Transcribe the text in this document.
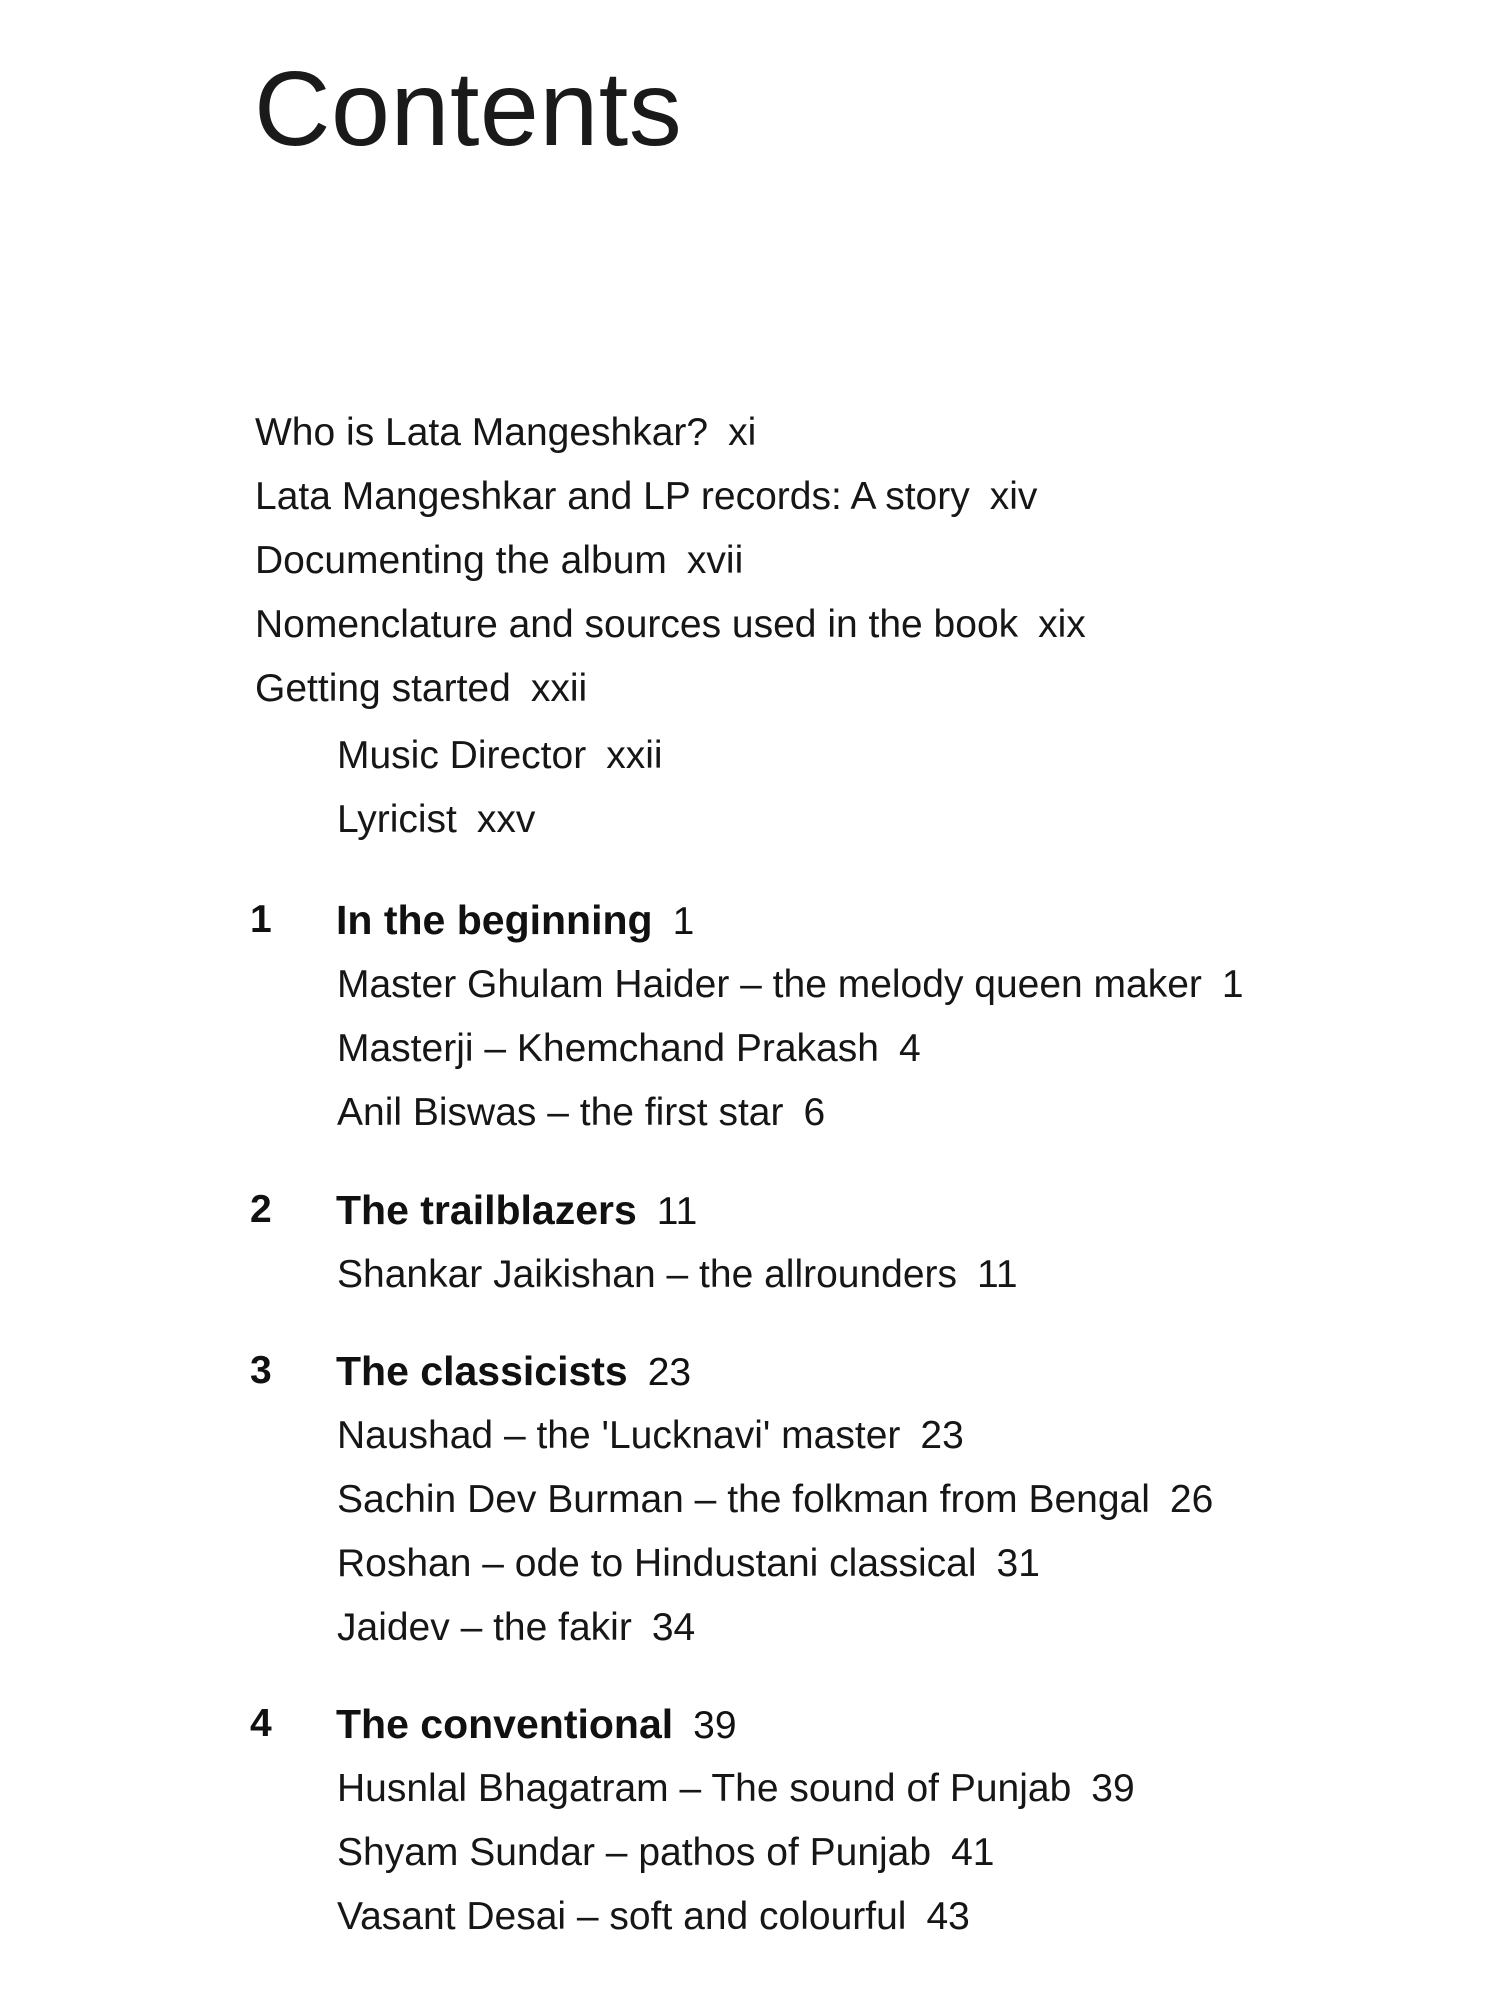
Contents
Who is Lata Mangeshkar? xi
Lata Mangeshkar and LP records: A story xiv
Documenting the album xvii
Nomenclature and sources used in the book xix
Getting started xxii
Music Director xxii
Lyricist xxv
1 In the beginning 1
Master Ghulam Haider – the melody queen maker 1
Masterji – Khemchand Prakash 4
Anil Biswas – the first star 6
2 The trailblazers 11
Shankar Jaikishan – the allrounders 11
3 The classicists 23
Naushad – the 'Lucknavi' master 23
Sachin Dev Burman – the folkman from Bengal 26
Roshan – ode to Hindustani classical 31
Jaidev – the fakir 34
4 The conventional 39
Husnlal Bhagatram – The sound of Punjab 39
Shyam Sundar – pathos of Punjab 41
Vasant Desai – soft and colourful 43
